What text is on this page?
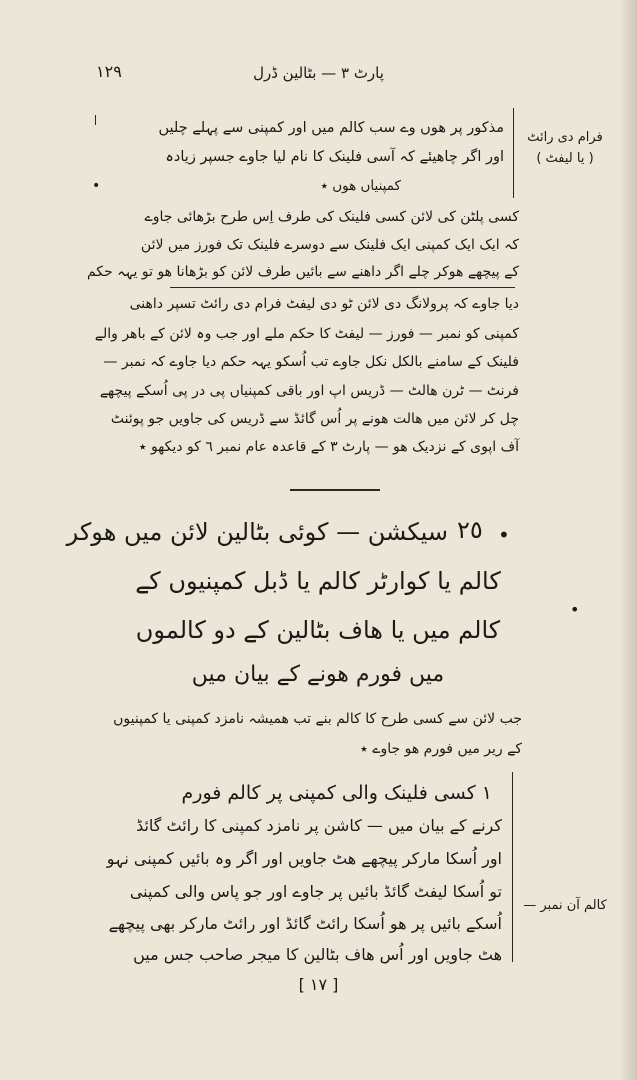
١٢٩	پارٹ ٣ — بٹالین ڈرل
مذکور پر ھوں وے سب کالم میں اور کمپنی سے پہلے چلیں
اور اگر چاھیئے کہ آسی فلینک کا نام لیا جاوے جسپر زیادہ
کمپنیاں ھوں ٭
•
فرام دی رائٹ
( یا لیفٹ )
کسی پلٹن کی لائن کسی فلینک کی طرف اِس طرح بڑھائی جاوے
کہ ایک ایک کمپنی ایک فلینک سے دوسرے فلینک تک فورز میں لائن
کے پیچھے ھوکر چلے اگر داھنے سے بائیں طرف لائن کو بڑھانا ھو تو یہہ حکم
دیا جاوے کہ پرولانگ دی لائن ٹو دی لیفٹ فرام دی رائٹ تسپر داھنی
کمپنی کو نمبر — فورز — لیفٹ کا حکم ملے اور جب وہ لائن کے باھر والے
فلینک کے سامنے بالکل نکل جاوے تب اُسکو یہہ حکم دیا جاوے کہ نمبر —
فرنٹ — ٹرن ھالٹ — ڈریس اپ اور باقی کمپنیاں پی در پی اُسکے پیچھے
چل کر لائن میں ھالت ھونے پر اُس گائڈ سے ڈریس کی جاویں جو پوئنٹ
آف اپوی کے نزدیک ھو — پارٹ ٣ کے قاعدہ عام نمبر ٦ کو دیکھو ٭
•
٢٥
سیکشن — کوئی بٹالین لائن میں ھوکر
کالم یا کوارٹر کالم یا ڈبل کمپنیوں کے
•
کالم میں یا ھاف بٹالین کے دو کالموں
میں فورم ھونے کے بیان میں
جب لائن سے کسی طرح کا کالم بنے تب ھمیشہ نامزد کمپنی یا کمپنیوں
کے ریر میں فورم ھو جاوے ٭
١ کسی فلینک والی کمپنی پر کالم فورم
کرنے کے بیان میں — کاشن پر نامزد کمپنی کا رائٹ گائڈ
اور اُسکا مارکر پیچھے ھٹ جاویں اور اگر وہ بائیں کمپنی نہو
تو اُسکا لیفٹ گائڈ بائیں پر جاوے اور جو پاس والی کمپنی
اُسکے بائیں پر ھو اُسکا رائٹ گائڈ اور رائٹ مارکر بھی پیچھے
ھٹ جاویں اور اُس ھاف بٹالین کا میجر صاحب جس میں
کالم آن نمبر —
[ ١٧ ]
